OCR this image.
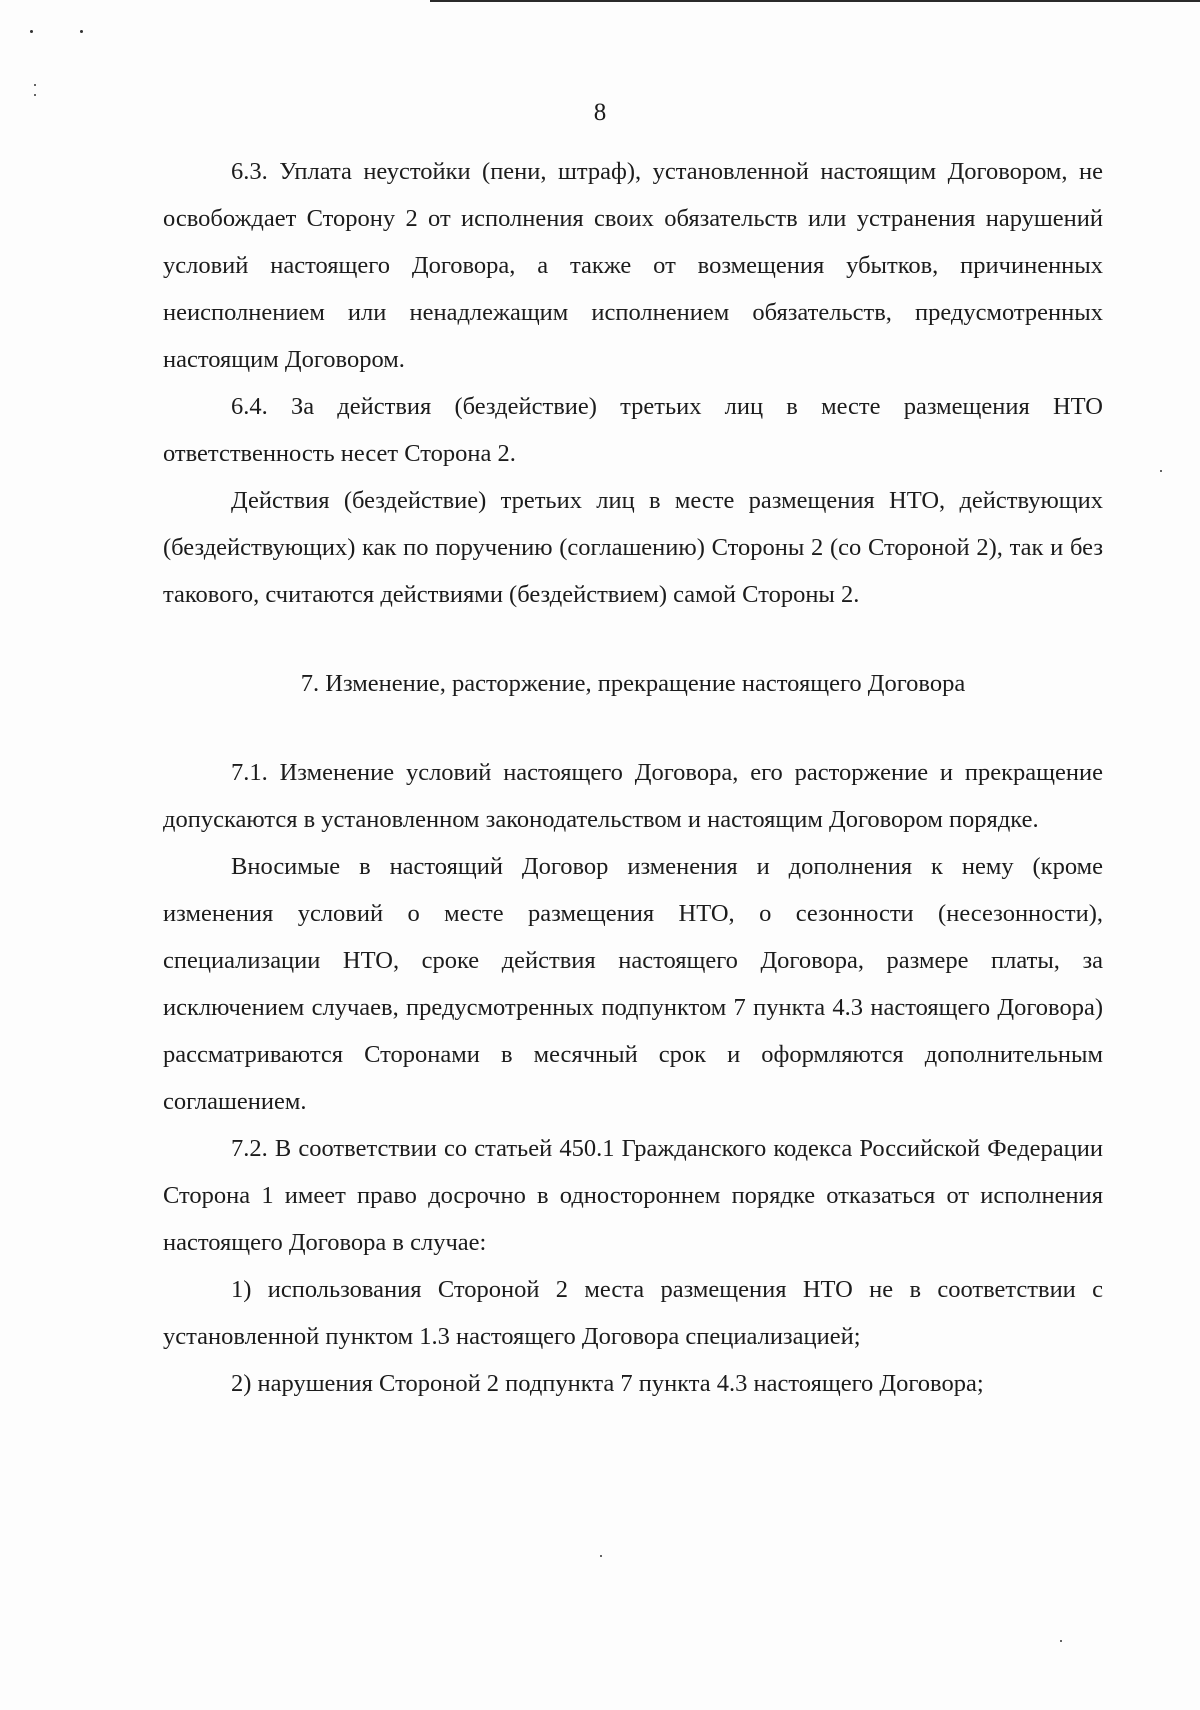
8

6.3. Уплата неустойки (пени, штраф), установленной настоящим Договором, не освобождает Сторону 2 от исполнения своих обязательств или устранения нарушений условий настоящего Договора, а также от возмещения убытков, причиненных неисполнением или ненадлежащим исполнением обязательств, предусмотренных настоящим Договором.

6.4. За действия (бездействие) третьих лиц в месте размещения НТО ответственность несет Сторона 2.

Действия (бездействие) третьих лиц в месте размещения НТО, действующих (бездействующих) как по поручению (соглашению) Стороны 2 (со Стороной 2), так и без такового, считаются действиями (бездействием) самой Стороны 2.

7. Изменение, расторжение, прекращение настоящего Договора

7.1. Изменение условий настоящего Договора, его расторжение и прекращение допускаются в установленном законодательством и настоящим Договором порядке.

Вносимые в настоящий Договор изменения и дополнения к нему (кроме изменения условий о месте размещения НТО, о сезонности (несезонности), специализации НТО, сроке действия настоящего Договора, размере платы, за исключением случаев, предусмотренных подпунктом 7 пункта 4.3 настоящего Договора) рассматриваются Сторонами в месячный срок и оформляются дополнительным соглашением.

7.2. В соответствии со статьей 450.1 Гражданского кодекса Российской Федерации Сторона 1 имеет право досрочно в одностороннем порядке отказаться от исполнения настоящего Договора в случае:

1) использования Стороной 2 места размещения НТО не в соответствии с установленной пунктом 1.3 настоящего Договора специализацией;

2) нарушения Стороной 2 подпункта 7 пункта 4.3 настоящего Договора;
